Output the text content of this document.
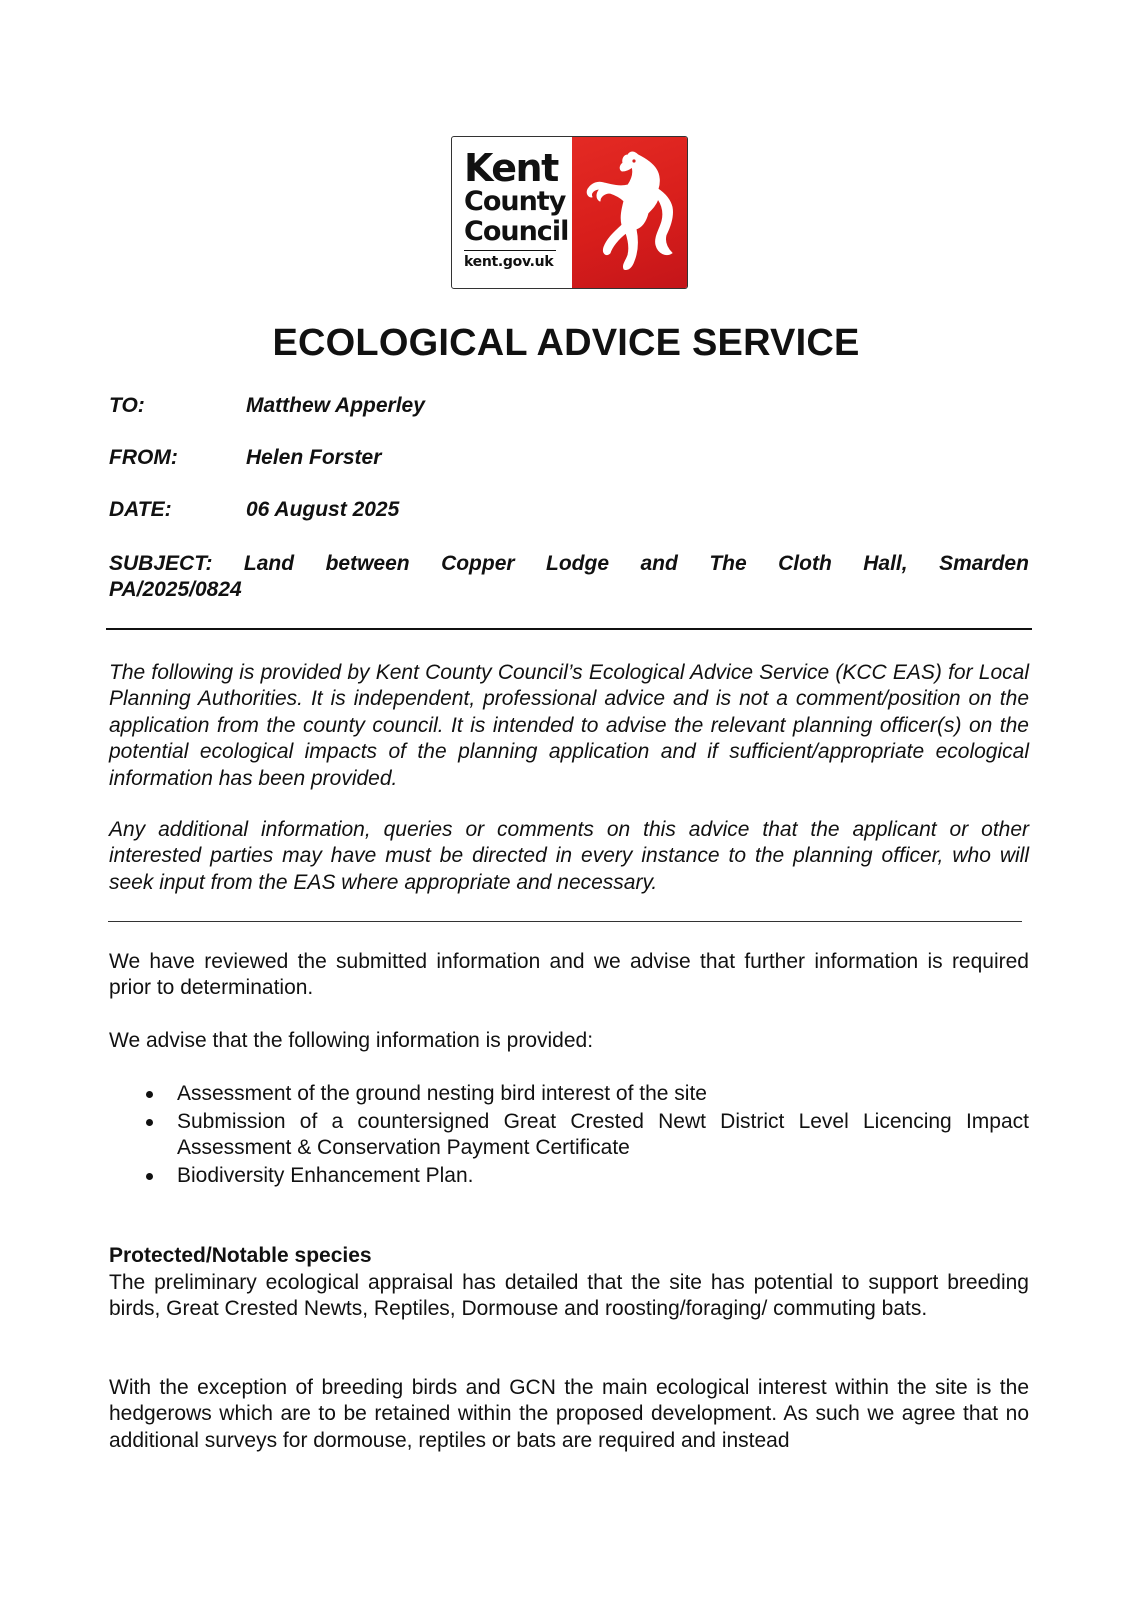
Kent
County
Council
kent.gov.uk
ECOLOGICAL ADVICE SERVICE
TO:	Matthew Apperley
FROM:	Helen Forster
DATE:	06 August 2025
SUBJECT: Land between Copper Lodge and The Cloth Hall, Smarden
PA/2025/0824

The following is provided by Kent County Council’s Ecological Advice Service (KCC EAS) for Local Planning Authorities. It is independent, professional advice and is not a comment/position on the application from the county council. It is intended to advise the relevant planning officer(s) on the potential ecological impacts of the planning application and if sufficient/appropriate ecological information has been provided.

Any additional information, queries or comments on this advice that the applicant or other interested parties may have must be directed in every instance to the planning officer, who will seek input from the EAS where appropriate and necessary.

We have reviewed the submitted information and we advise that further information is required prior to determination.

We advise that the following information is provided:

Assessment of the ground nesting bird interest of the site
Submission of a countersigned Great Crested Newt District Level Licencing Impact Assessment & Conservation Payment Certificate
Biodiversity Enhancement Plan.
Protected/Notable species

The preliminary ecological appraisal has detailed that the site has potential to support breeding birds, Great Crested Newts, Reptiles, Dormouse and roosting/foraging/ commuting bats.

With the exception of breeding birds and GCN the main ecological interest within the site is the hedgerows which are to be retained within the proposed development. As such we agree that no additional surveys for dormouse, reptiles or bats are required and instead
